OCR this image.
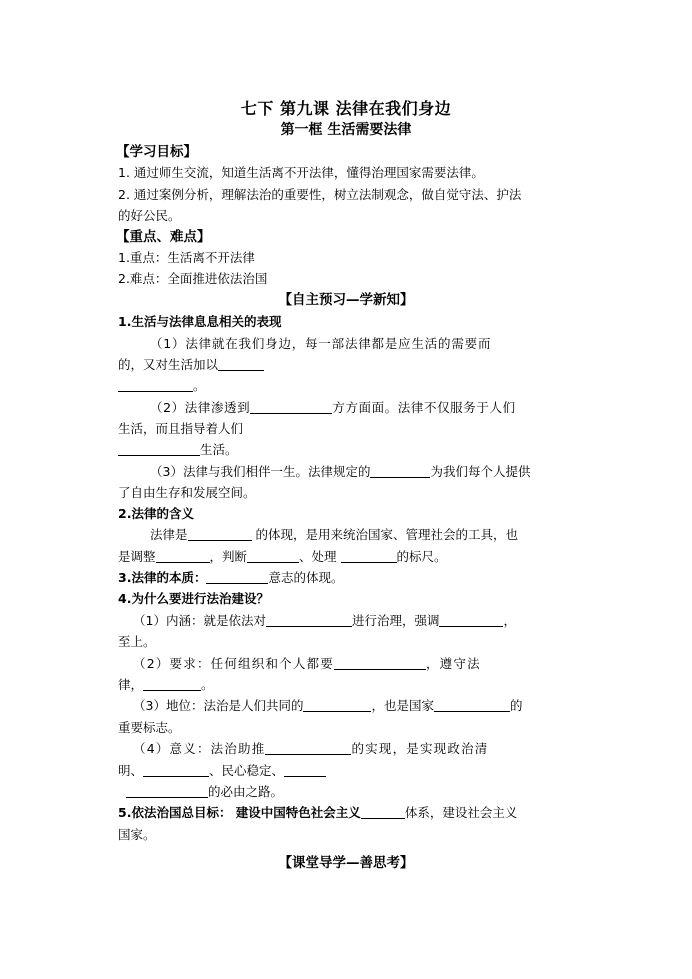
七下 第九课 法律在我们身边
第一框 生活需要法律
【学习目标】
1. 通过师生交流，知道生活离不开法律，懂得治理国家需要法律。
2. 通过案例分析，理解法治的重要性，树立法制观念，做自觉守法、护法
的好公民。
【重点、难点】
1.重点：生活离不开法律
2.难点：全面推进依法治国
【自主预习—学新知】
1.生活与法律息息相关的表现
（1）法律就在我们身边，每一部法律都是应生活的需要而
的，又对生活加以
。
（2）法律渗透到	方方面面。法律不仅服务于人们
生活，而且指导着人们
生活。
（3）法律与我们相伴一生。法律规定的	为我们每个人提供
了自由生存和发展空间。
2.法律的含义
法律是	的体现，是用来统治国家、管理社会的工具，也
是调整	，判断	、处理	的标尺。
3.法律的本质：	意志的体现。
4.为什么要进行法治建设？
（1）内涵：就是依法对	进行治理，强调	，
至上。
（2）要求：任何组织和个人都要	，遵守法
律，	。
（3）地位：法治是人们共同的	，也是国家	的
重要标志。
（4）意义：法治助推	的实现，是实现政治清
明、	、民心稳定、
的必由之路。
5.依法治国总目标： 建设中国特色社会主义	体系，建设社会主义
国家。
【课堂导学—善思考】
